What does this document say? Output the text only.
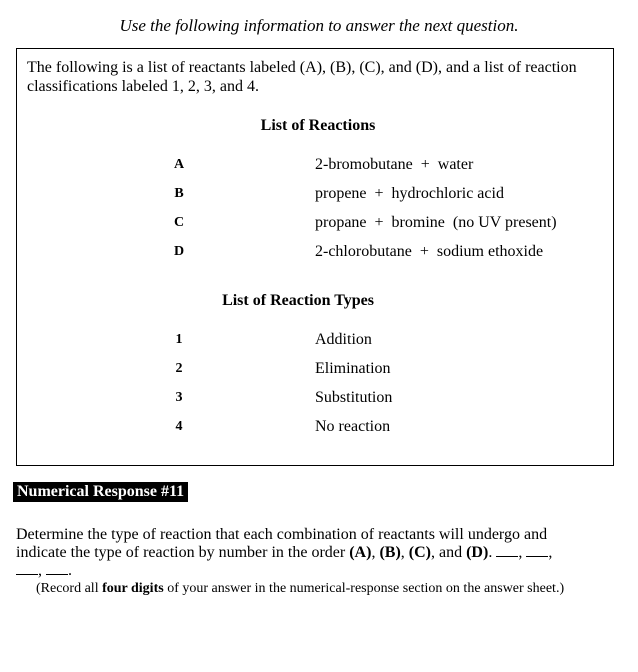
Use the following information to answer the next question.
The following is a list of reactants labeled (A), (B), (C), and (D), and a list of reaction classifications labeled 1, 2, 3, and 4.
List of Reactions
A	2-bromobutane  +  water
B	propene  +  hydrochloric acid
C	propane  +  bromine  (no UV present)
D	2-chlorobutane  +  sodium ethoxide
List of Reaction Types
1	Addition
2	Elimination
3	Substitution
4	No reaction
Numerical Response #11
Determine the type of reaction that each combination of reactants will undergo and indicate the type of reaction by number in the order (A), (B), (C), and (D). , , , .
(Record all four digits of your answer in the numerical-response section on the answer sheet.)
